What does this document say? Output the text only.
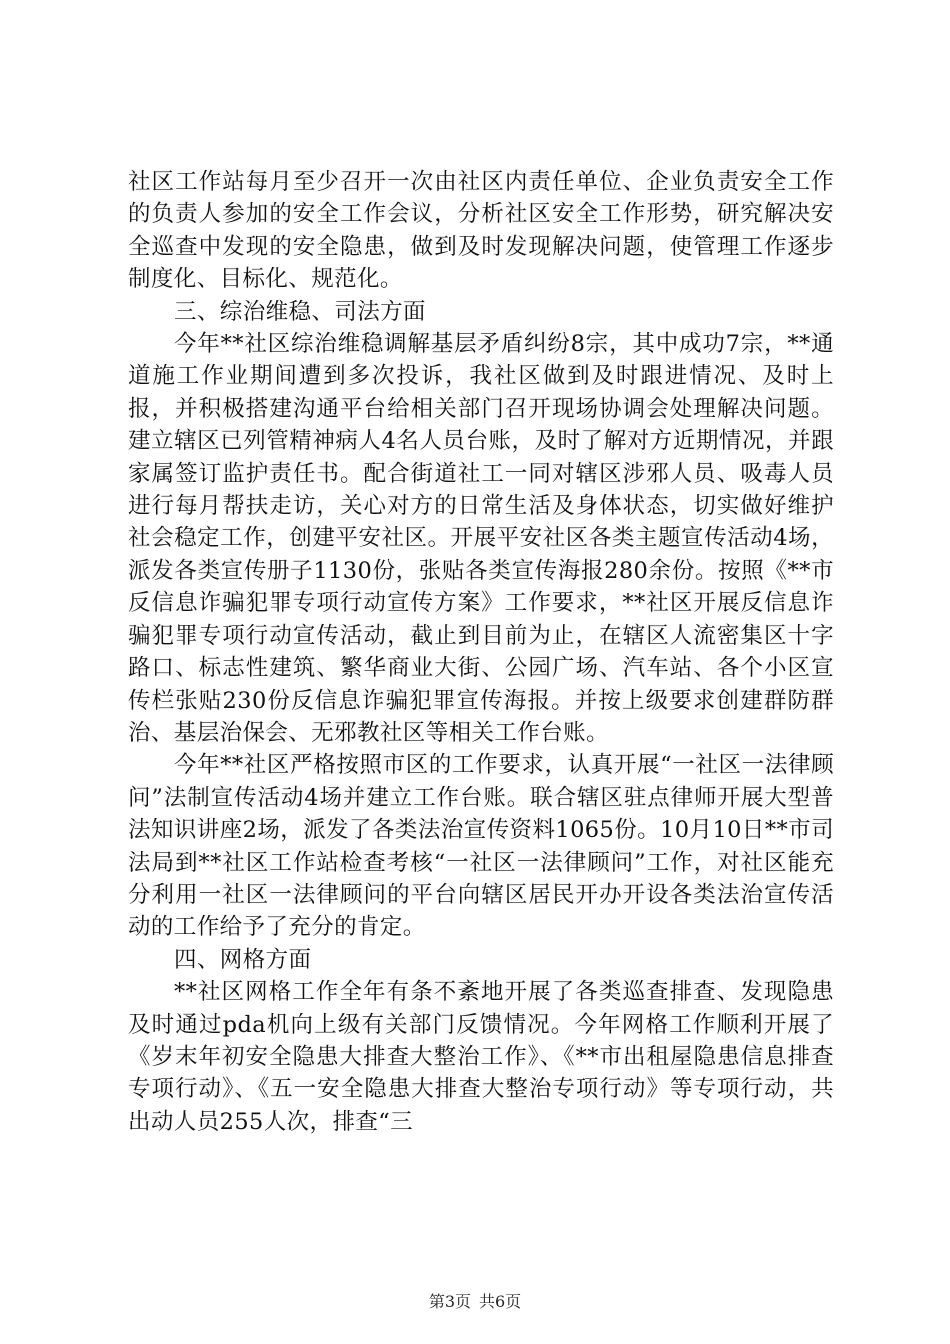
社区工作站每月至少召开一次由社区内责任单位、企业负责安全工作的负责人参加的安全工作会议，分析社区安全工作形势，研究解决安全巡查中发现的安全隐患，做到及时发现解决问题，使管理工作逐步制度化、目标化、规范化。

三、综治维稳、司法方面

今年**社区综治维稳调解基层矛盾纠纷8宗，其中成功7宗，**通道施工作业期间遭到多次投诉，我社区做到及时跟进情况、及时上报，并积极搭建沟通平台给相关部门召开现场协调会处理解决问题。建立辖区已列管精神病人4名人员台账，及时了解对方近期情况，并跟家属签订监护责任书。配合街道社工一同对辖区涉邪人员、吸毒人员进行每月帮扶走访，关心对方的日常生活及身体状态，切实做好维护社会稳定工作，创建平安社区。开展平安社区各类主题宣传活动4场，派发各类宣传册子1130份，张贴各类宣传海报280余份。按照《**市反信息诈骗犯罪专项行动宣传方案》工作要求，**社区开展反信息诈骗犯罪专项行动宣传活动，截止到目前为止，在辖区人流密集区十字路口、标志性建筑、繁华商业大街、公园广场、汽车站、各个小区宣传栏张贴230份反信息诈骗犯罪宣传海报。并按上级要求创建群防群治、基层治保会、无邪教社区等相关工作台账。

今年**社区严格按照市区的工作要求，认真开展“一社区一法律顾问”法制宣传活动4场并建立工作台账。联合辖区驻点律师开展大型普法知识讲座2场，派发了各类法治宣传资料1065份。10月10日**市司法局到**社区工作站检查考核“一社区一法律顾问”工作，对社区能充分利用一社区一法律顾问的平台向辖区居民开办开设各类法治宣传活动的工作给予了充分的肯定。

四、网格方面

**社区网格工作全年有条不紊地开展了各类巡查排查、发现隐患及时通过pda机向上级有关部门反馈情况。今年网格工作顺利开展了《岁末年初安全隐患大排查大整治工作》、《**市出租屋隐患信息排查专项行动》、《五一安全隐患大排查大整治专项行动》等专项行动，共出动人员255人次，排查“三

第3页 共6页
